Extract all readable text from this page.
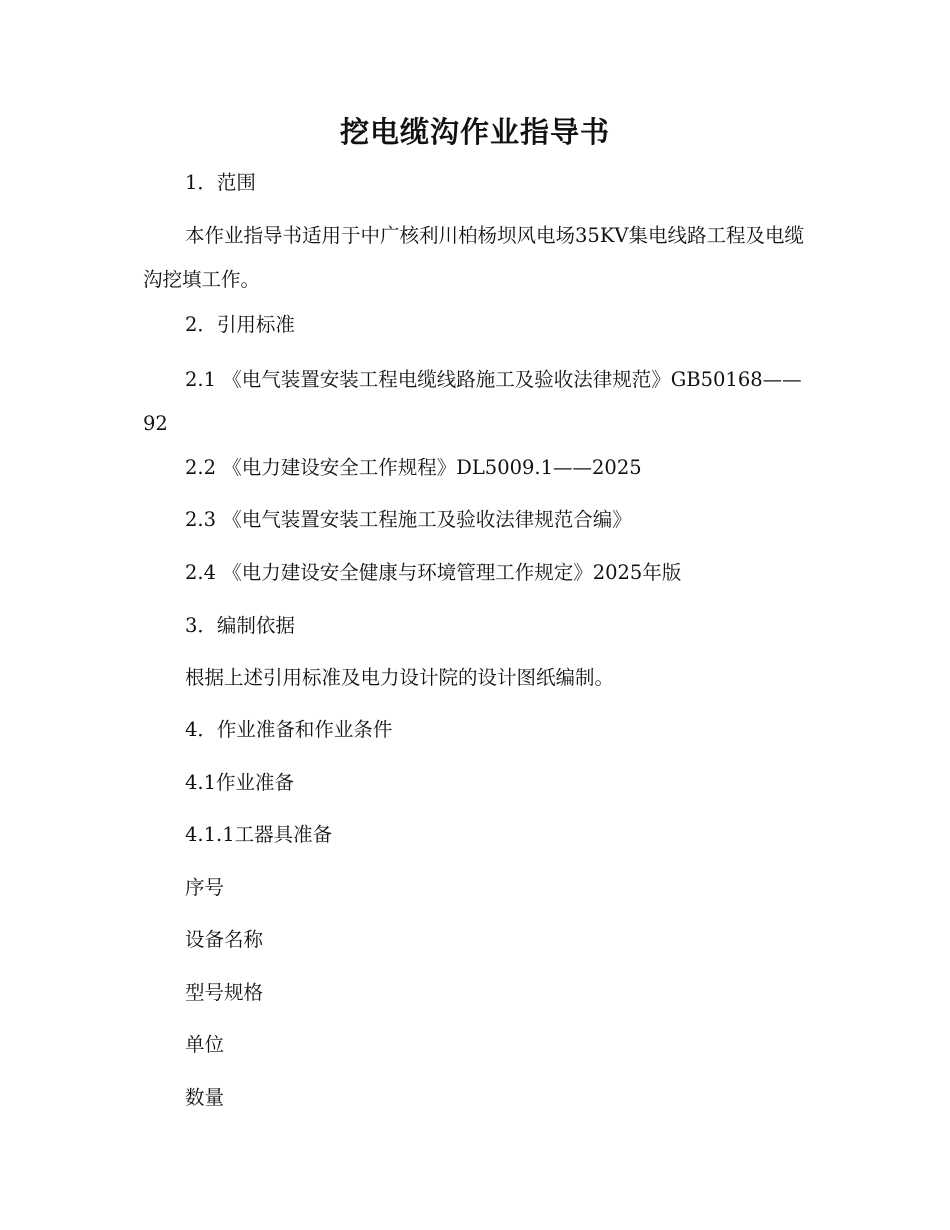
挖电缆沟作业指导书
1．范围
本作业指导书适用于中广核利川柏杨坝风电场35KV集电线路工程及电缆沟挖填工作。
2．引用标准
2.1 《电气装置安装工程电缆线路施工及验收法律规范》GB50168——92
2.2 《电力建设安全工作规程》DL5009.1——2025
2.3 《电气装置安装工程施工及验收法律规范合编》
2.4 《电力建设安全健康与环境管理工作规定》2025年版
3．编制依据
根据上述引用标准及电力设计院的设计图纸编制。
4．作业准备和作业条件
4.1作业准备
4.1.1工器具准备
序号
设备名称
型号规格
单位
数量
